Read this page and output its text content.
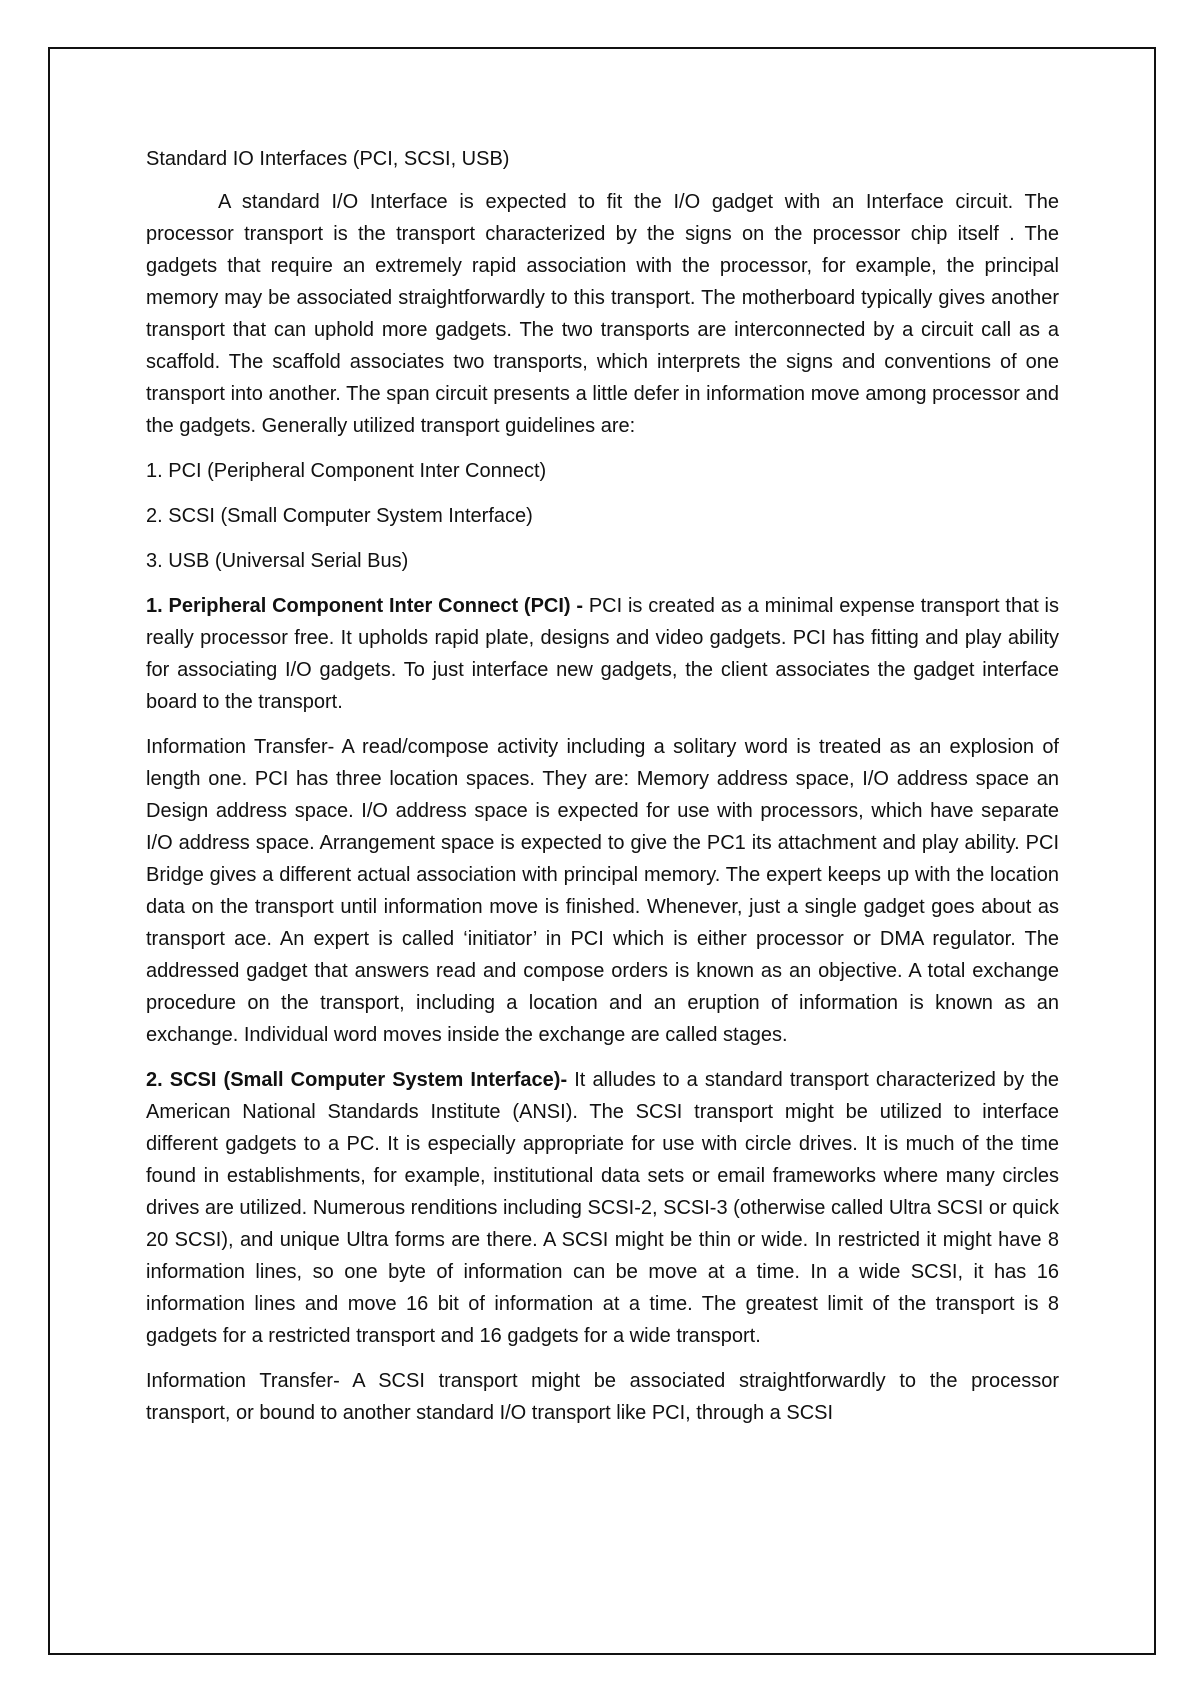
Standard IO Interfaces (PCI, SCSI, USB)

A standard I/O Interface is expected to fit the I/O gadget with an Interface circuit. The processor transport is the transport characterized by the signs on the processor chip itself . The gadgets that require an extremely rapid association with the processor, for example, the principal memory may be associated straightforwardly to this transport. The motherboard typically gives another transport that can uphold more gadgets. The two transports are interconnected by a circuit call as a scaffold. The scaffold associates two transports, which interprets the signs and conventions of one transport into another. The span circuit presents a little defer in information move among processor and the gadgets. Generally utilized transport guidelines are:

1. PCI (Peripheral Component Inter Connect)

2. SCSI (Small Computer System Interface)

3. USB (Universal Serial Bus)

1. Peripheral Component Inter Connect (PCI) - PCI is created as a minimal expense transport that is really processor free. It upholds rapid plate, designs and video gadgets. PCI has fitting and play ability for associating I/O gadgets. To just interface new gadgets, the client associates the gadget interface board to the transport.

Information Transfer- A read/compose activity including a solitary word is treated as an explosion of length one. PCI has three location spaces. They are: Memory address space, I/O address space an Design address space. I/O address space is expected for use with processors, which have separate I/O address space. Arrangement space is expected to give the PC1 its attachment and play ability. PCI Bridge gives a different actual association with principal memory. The expert keeps up with the location data on the transport until information move is finished. Whenever, just a single gadget goes about as transport ace. An expert is called ‘initiator’ in PCI which is either processor or DMA regulator. The addressed gadget that answers read and compose orders is known as an objective. A total exchange procedure on the transport, including a location and an eruption of information is known as an exchange. Individual word moves inside the exchange are called stages.

2. SCSI (Small Computer System Interface)- It alludes to a standard transport characterized by the American National Standards Institute (ANSI). The SCSI transport might be utilized to interface different gadgets to a PC. It is especially appropriate for use with circle drives. It is much of the time found in establishments, for example, institutional data sets or email frameworks where many circles drives are utilized. Numerous renditions including SCSI-2, SCSI-3 (otherwise called Ultra SCSI or quick 20 SCSI), and unique Ultra forms are there. A SCSI might be thin or wide. In restricted it might have 8 information lines, so one byte of information can be move at a time. In a wide SCSI, it has 16 information lines and move 16 bit of information at a time. The greatest limit of the transport is 8 gadgets for a restricted transport and 16 gadgets for a wide transport.

Information Transfer- A SCSI transport might be associated straightforwardly to the processor transport, or bound to another standard I/O transport like PCI, through a SCSI
